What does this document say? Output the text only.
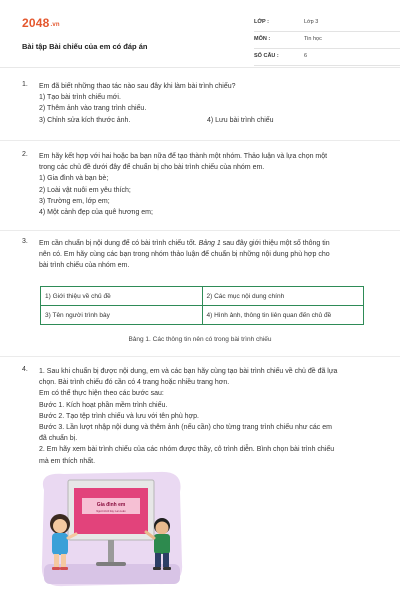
2048.vn
Bài tập Bài chiếu của em có đáp án
LỚP :	Lớp 3
MÔN :	Tin học
SỐ CÂU :	6
1. Em đã biết những thao tác nào sau đây khi làm bài trình chiếu?

1) Tạo bài trình chiếu mới.

2) Thêm ảnh vào trang trình chiếu.

3) Chỉnh sửa kích thước ảnh.	4) Lưu bài trình chiếu
2. Em hãy kết hợp với hai hoặc ba bạn nữa để tạo thành một nhóm. Thảo luận và lựa chọn một

trong các chủ đề dưới đây để chuẩn bị cho bài trình chiếu của nhóm em.

1) Gia đình và bạn bè;

2) Loài vật nuôi em yêu thích;

3) Trường em, lớp em;

4) Một cảnh đẹp của quê hương em;

3. Em cần chuẩn bị nội dung để có bài trình chiếu tốt. Bảng 1 sau đây giới thiệu một số thông tin

nên có. Em hãy cùng các bạn trong nhóm thảo luận để chuẩn bị những nội dung phù hợp cho

bài trình chiếu của nhóm em.

1) Giới thiệu về chủ đề	2) Các mục nội dung chính
3) Tên người trình bày	4) Hình ảnh, thông tin liên quan đến chủ đề
Bảng 1. Các thông tin nên có trong bài trình chiếu
4. 1. Sau khi chuẩn bị được nội dung, em và các bạn hãy cùng tạo bài trình chiếu về chủ đề đã lựa

chọn. Bài trình chiếu đó cần có 4 trang hoặc nhiều trang hơn.

Em có thể thực hiện theo các bước sau:

Bước 1. Kích hoạt phần mềm trình chiếu.

Bước 2. Tạo tệp trình chiếu và lưu với tên phù hợp.

Bước 3. Lần lượt nhập nội dung và thêm ảnh (nếu cần) cho từng trang trình chiếu như các em

đã chuẩn bị.

2. Em hãy xem bài trình chiếu của các nhóm được thầy, cô trình diễn. Bình chọn bài trình chiếu

mà em thích nhất.

Gia đình em
Người trình bày: Lan Luân
